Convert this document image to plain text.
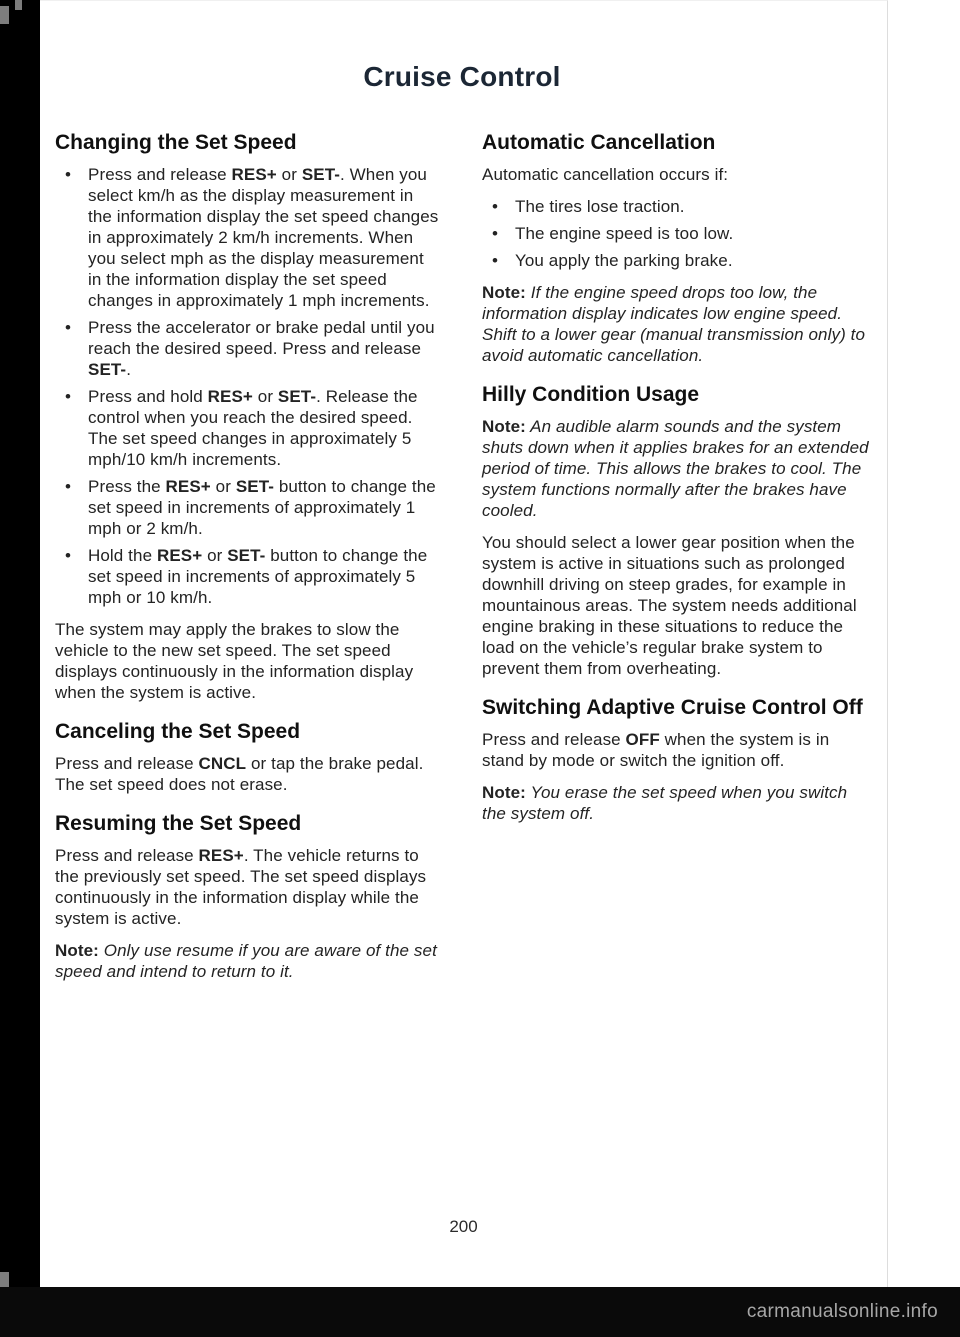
Cruise Control
Changing the Set Speed
• Press and release RES+ or SET-. When you select km/h as the display measurement in the information display the set speed changes in approximately 2 km/h increments. When you select mph as the display measurement in the information display the set speed changes in approximately 1 mph increments.
• Press the accelerator or brake pedal until you reach the desired speed. Press and release SET-.
• Press and hold RES+ or SET-. Release the control when you reach the desired speed. The set speed changes in approximately 5 mph/10 km/h increments.
• Press the RES+ or SET- button to change the set speed in increments of approximately 1 mph or 2 km/h.
• Hold the RES+ or SET- button to change the set speed in increments of approximately 5 mph or 10 km/h.

The system may apply the brakes to slow the vehicle to the new set speed. The set speed displays continuously in the information display when the system is active.

Canceling the Set Speed

Press and release CNCL or tap the brake pedal.  The set speed does not erase.

Resuming the Set Speed

Press and release RES+. The vehicle returns to the previously set speed. The set speed displays continuously in the information display while the system is active.

Note: Only use resume if you are aware of the set speed and intend to return to it.

Automatic Cancellation

Automatic cancellation occurs if:

• The tires lose traction.
• The engine speed is too low.
• You apply the parking brake.

Note: If the engine speed drops too low, the information display indicates low engine speed. Shift to a lower gear (manual transmission only) to avoid automatic cancellation.

Hilly Condition Usage

Note: An audible alarm sounds and the system shuts down when it applies brakes for an extended period of time. This allows the brakes to cool. The system functions normally after the brakes have cooled.

You should select a lower gear position when the system is active in situations such as prolonged downhill driving on steep grades, for example in mountainous areas. The system needs additional engine braking in these situations to reduce the load on the vehicle’s regular brake system to prevent them from overheating.

Switching Adaptive Cruise Control Off

Press and release OFF when the system is in stand by mode or switch the ignition off.

Note: You erase the set speed when you switch the system off.

200
carmanualsonline.info
